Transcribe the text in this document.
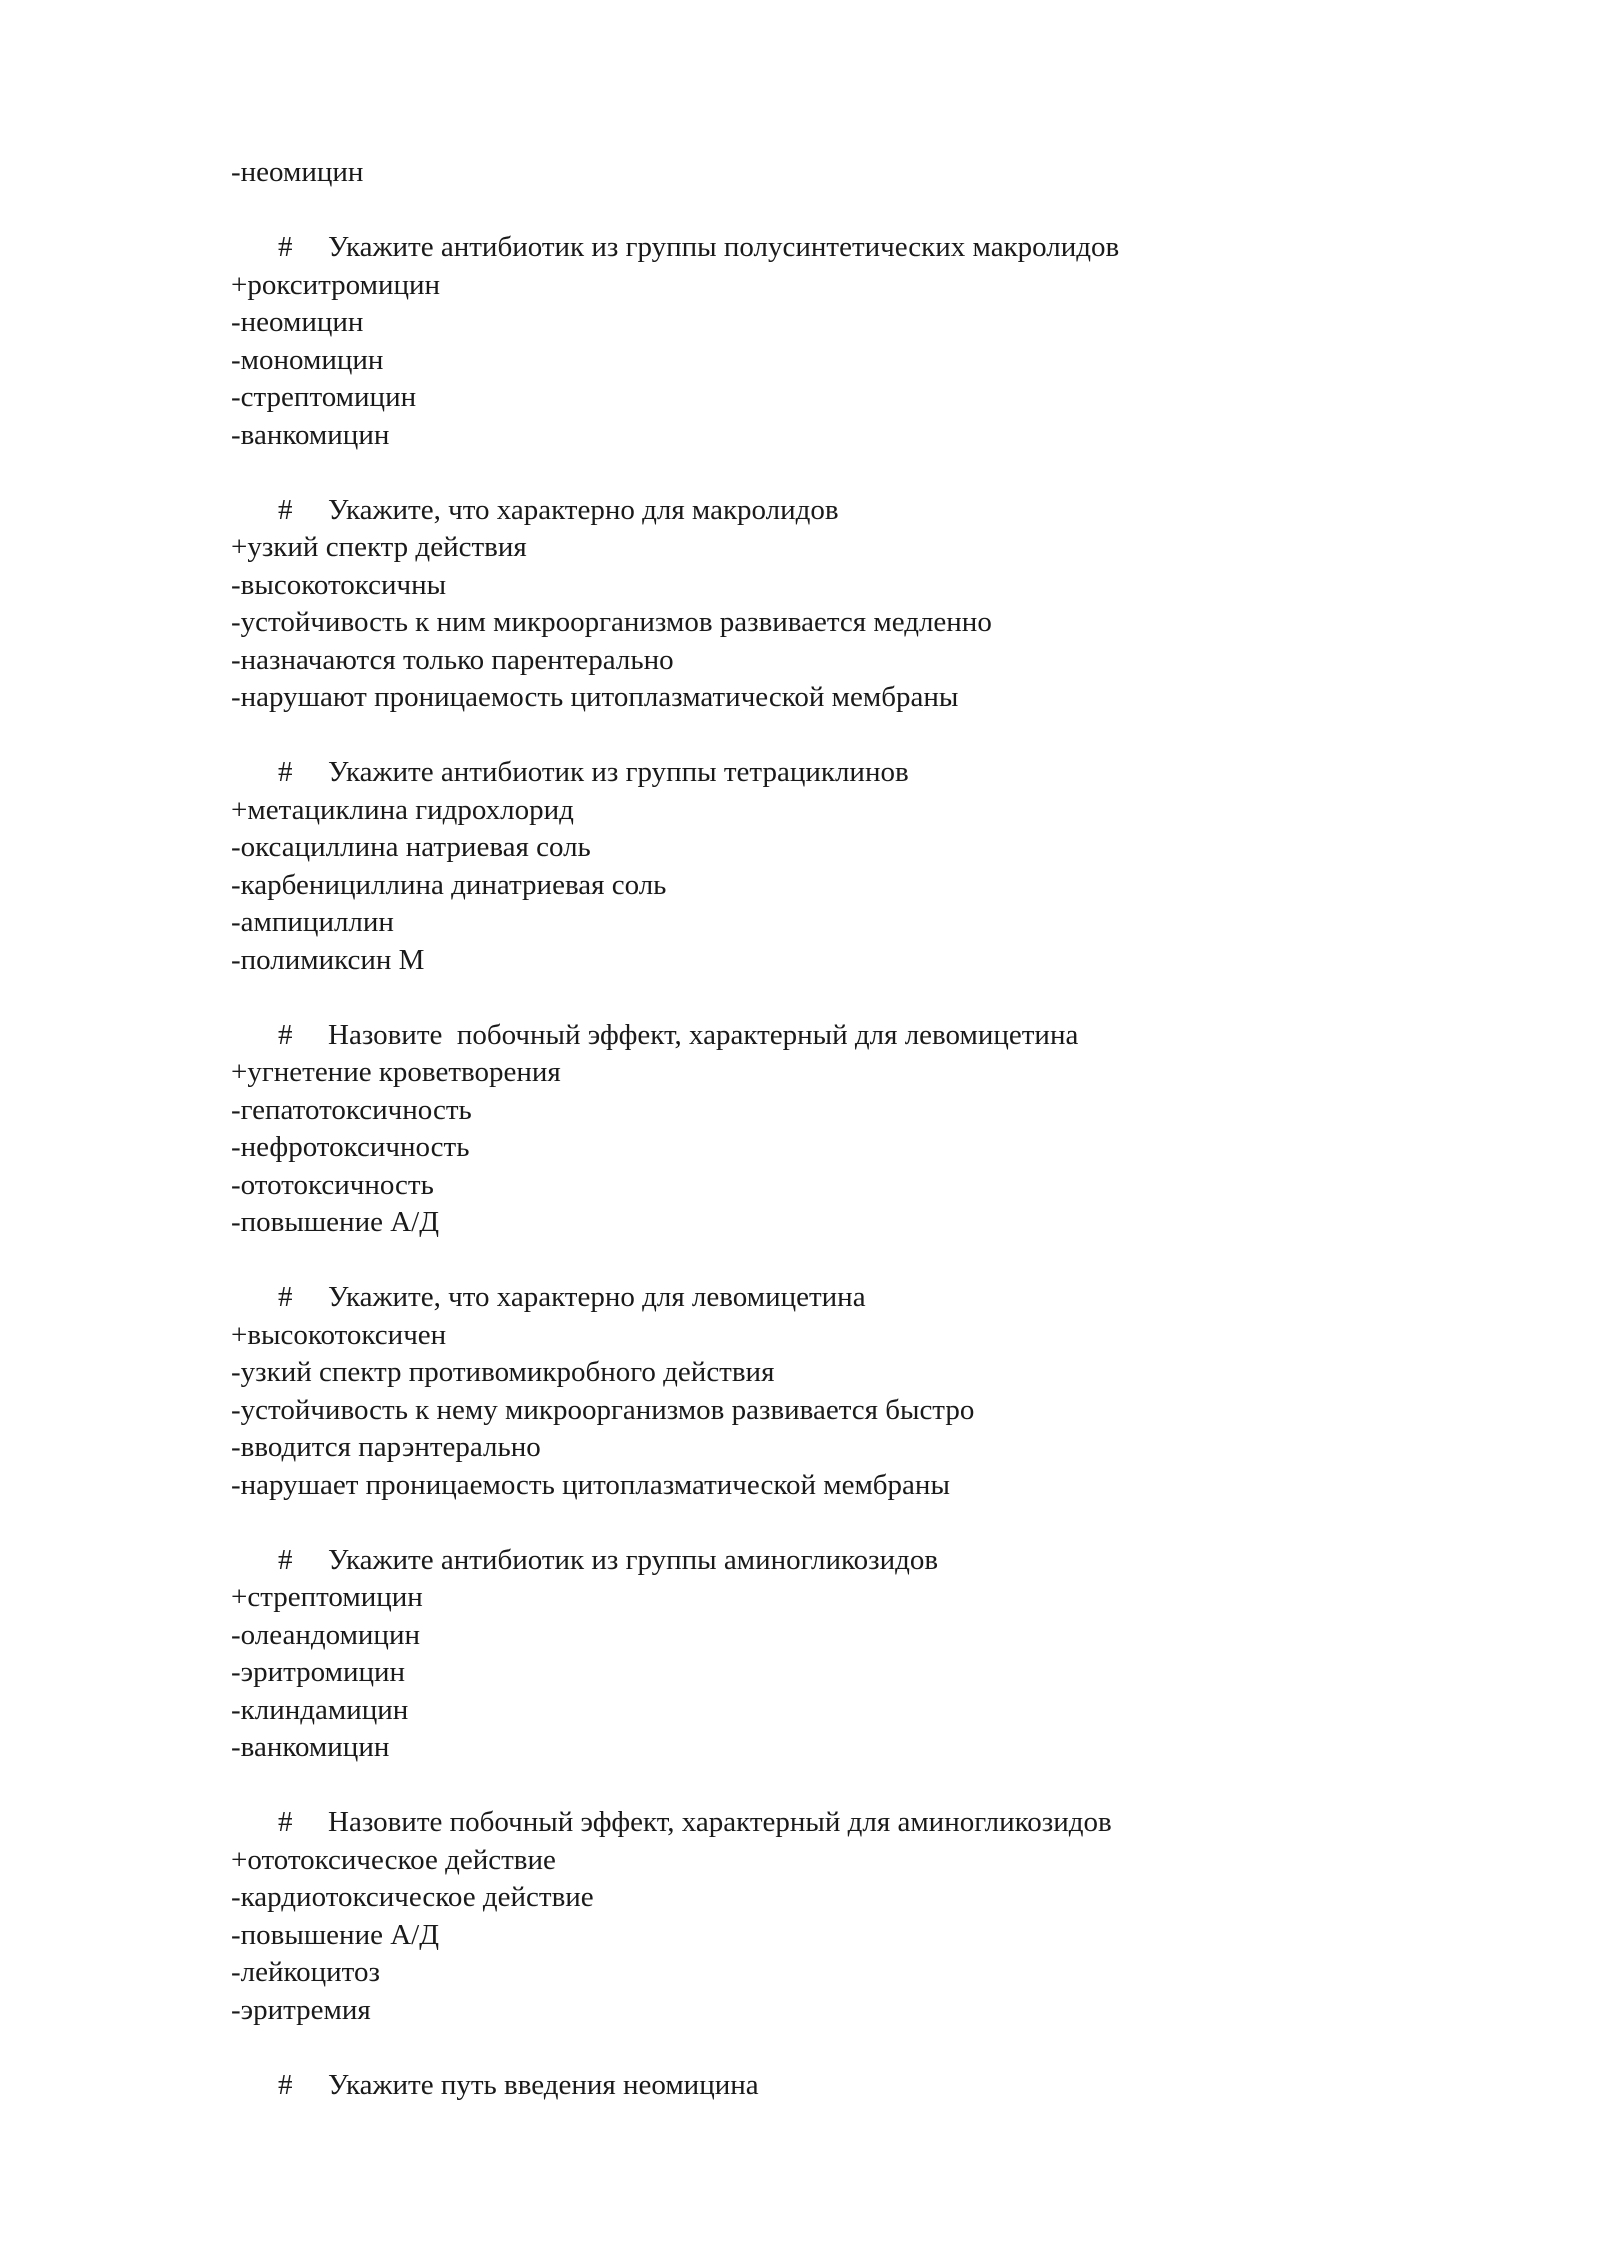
-неомицин
# Укажите антибиотик из группы полусинтетических макролидов
+рокситромицин
-неомицин
-мономицин
-стрептомицин
-ванкомицин
# Укажите, что характерно для макролидов
+узкий спектр действия
-высокотоксичны
-устойчивость к ним микроорганизмов развивается медленно
-назначаются только парентерально
-нарушают проницаемость цитоплазматической мембраны
# Укажите антибиотик из группы тетрациклинов
+метациклина гидрохлорид
-оксациллина натриевая соль
-карбенициллина динатриевая соль
-ампициллин
-полимиксин М
# Назовите  побочный эффект, характерный для левомицетина
+угнетение кроветворения
-гепатотоксичность
-нефротоксичность
-ототоксичность
-повышение А/Д
# Укажите, что характерно для левомицетина
+высокотоксичен
-узкий спектр противомикробного действия
-устойчивость к нему микроорганизмов развивается быстро
-вводится парэнтерально
-нарушает проницаемость цитоплазматической мембраны
# Укажите антибиотик из группы аминогликозидов
+стрептомицин
-олеандомицин
-эритромицин
-клиндамицин
-ванкомицин
# Назовите побочный эффект, характерный для аминогликозидов
+ототоксическое действие
-кардиотоксическое действие
-повышение А/Д
-лейкоцитоз
-эритремия
# Укажите путь введения неомицина
